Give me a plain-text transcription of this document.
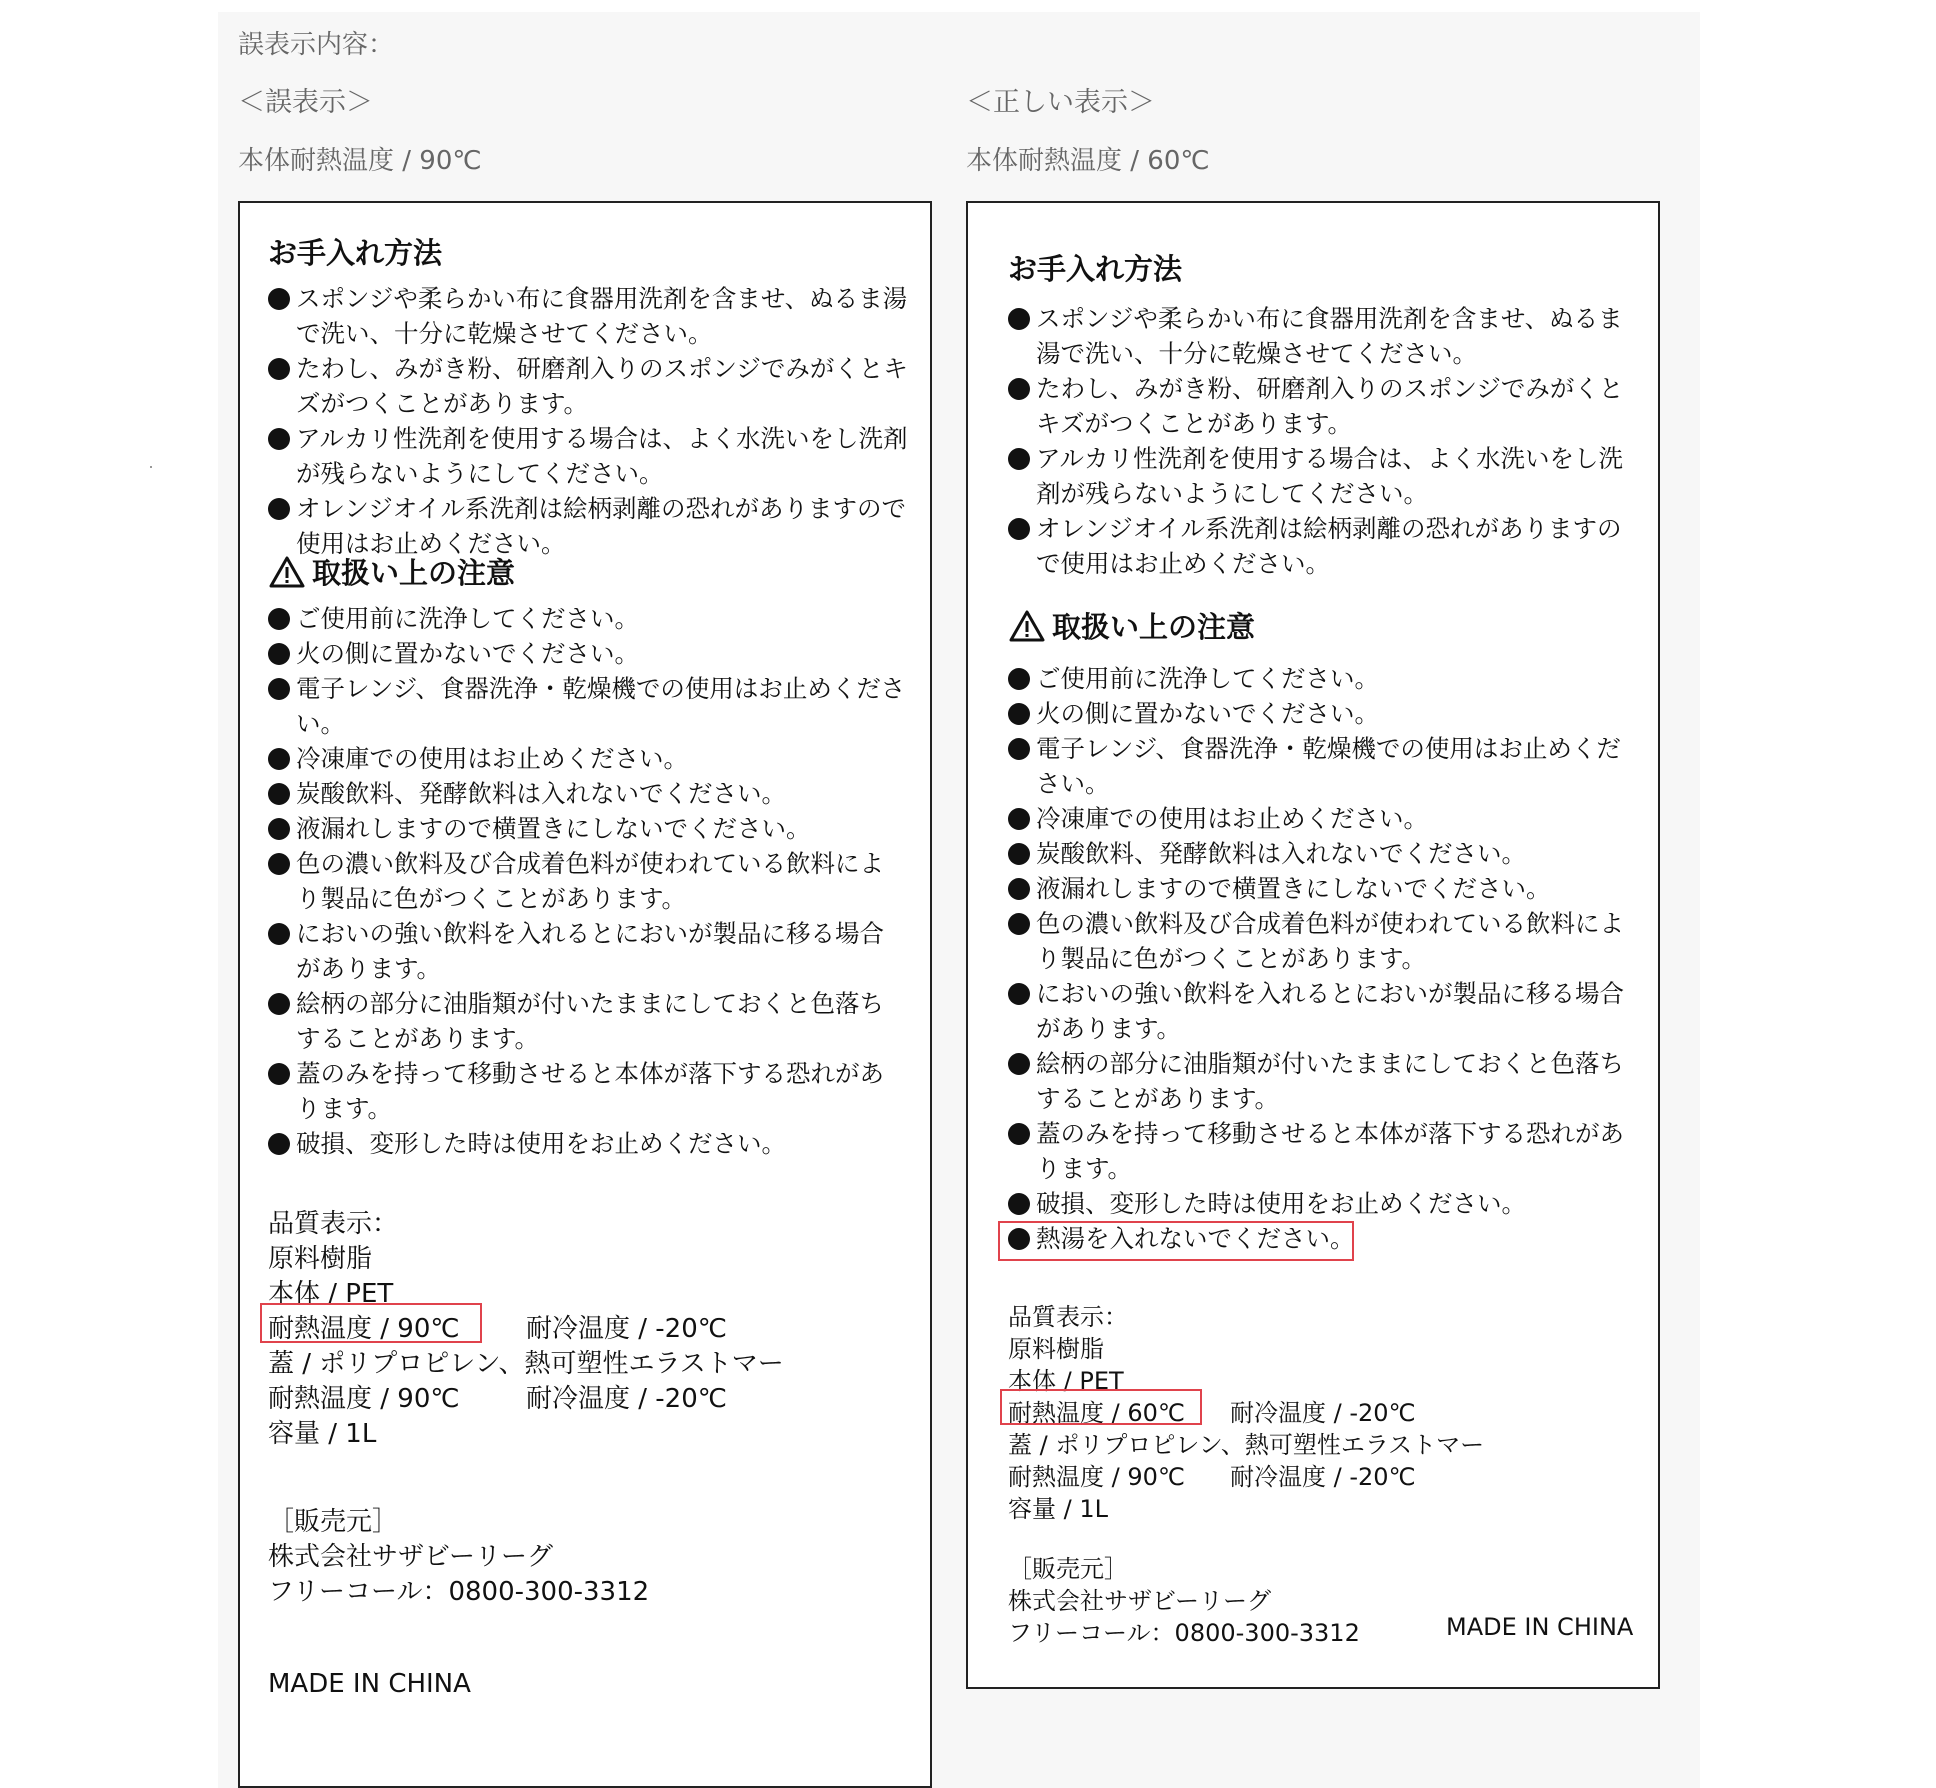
誤表示内容：
＜誤表示＞	＜正しい表示＞
本体耐熱温度 / 90℃	本体耐熱温度 / 60℃
お手入れ方法
スポンジや柔らかい布に食器用洗剤を含ませ、ぬるま湯で洗い、十分に乾燥させてください。
たわし、みがき粉、研磨剤入りのスポンジでみがくとキズがつくことがあります。
アルカリ性洗剤を使用する場合は、よく水洗いをし洗剤が残らないようにしてください。
オレンジオイル系洗剤は絵柄剥離の恐れがありますので使用はお止めください。
取扱い上の注意
ご使用前に洗浄してください。
火の側に置かないでください。
電子レンジ、食器洗浄・乾燥機での使用はお止めください。
冷凍庫での使用はお止めください。
炭酸飲料、発酵飲料は入れないでください。
液漏れしますので横置きにしないでください。
色の濃い飲料及び合成着色料が使われている飲料により製品に色がつくことがあります。
においの強い飲料を入れるとにおいが製品に移る場合があります。
絵柄の部分に油脂類が付いたままにしておくと色落ちすることがあります。
蓋のみを持って移動させると本体が落下する恐れがあります。
破損、変形した時は使用をお止めください。
品質表示：
原料樹脂
本体 / PET
耐熱温度 / 90℃	耐冷温度 / -20℃
蓋 / ポリプロピレン、熱可塑性エラストマー
耐熱温度 / 90℃	耐冷温度 / -20℃
容量 / 1L
［販売元］
株式会社サザビーリーグ
フリーコール：0800-300-3312
MADE IN CHINA
お手入れ方法
スポンジや柔らかい布に食器用洗剤を含ませ、ぬるま湯で洗い、十分に乾燥させてください。
たわし、みがき粉、研磨剤入りのスポンジでみがくとキズがつくことがあります。
アルカリ性洗剤を使用する場合は、よく水洗いをし洗剤が残らないようにしてください。
オレンジオイル系洗剤は絵柄剥離の恐れがありますので使用はお止めください。
取扱い上の注意
ご使用前に洗浄してください。
火の側に置かないでください。
電子レンジ、食器洗浄・乾燥機での使用はお止めください。
冷凍庫での使用はお止めください。
炭酸飲料、発酵飲料は入れないでください。
液漏れしますので横置きにしないでください。
色の濃い飲料及び合成着色料が使われている飲料により製品に色がつくことがあります。
においの強い飲料を入れるとにおいが製品に移る場合があります。
絵柄の部分に油脂類が付いたままにしておくと色落ちすることがあります。
蓋のみを持って移動させると本体が落下する恐れがあります。
破損、変形した時は使用をお止めください。
熱湯を入れないでください。
品質表示：
原料樹脂
本体 / PET
耐熱温度 / 60℃ 耐冷温度 / -20℃
蓋 / ポリプロピレン、熱可塑性エラストマー
耐熱温度 / 90℃ 耐冷温度 / -20℃
容量 / 1L
［販売元］
株式会社サザビーリーグ
フリーコール：0800-300-3312	MADE IN CHINA
